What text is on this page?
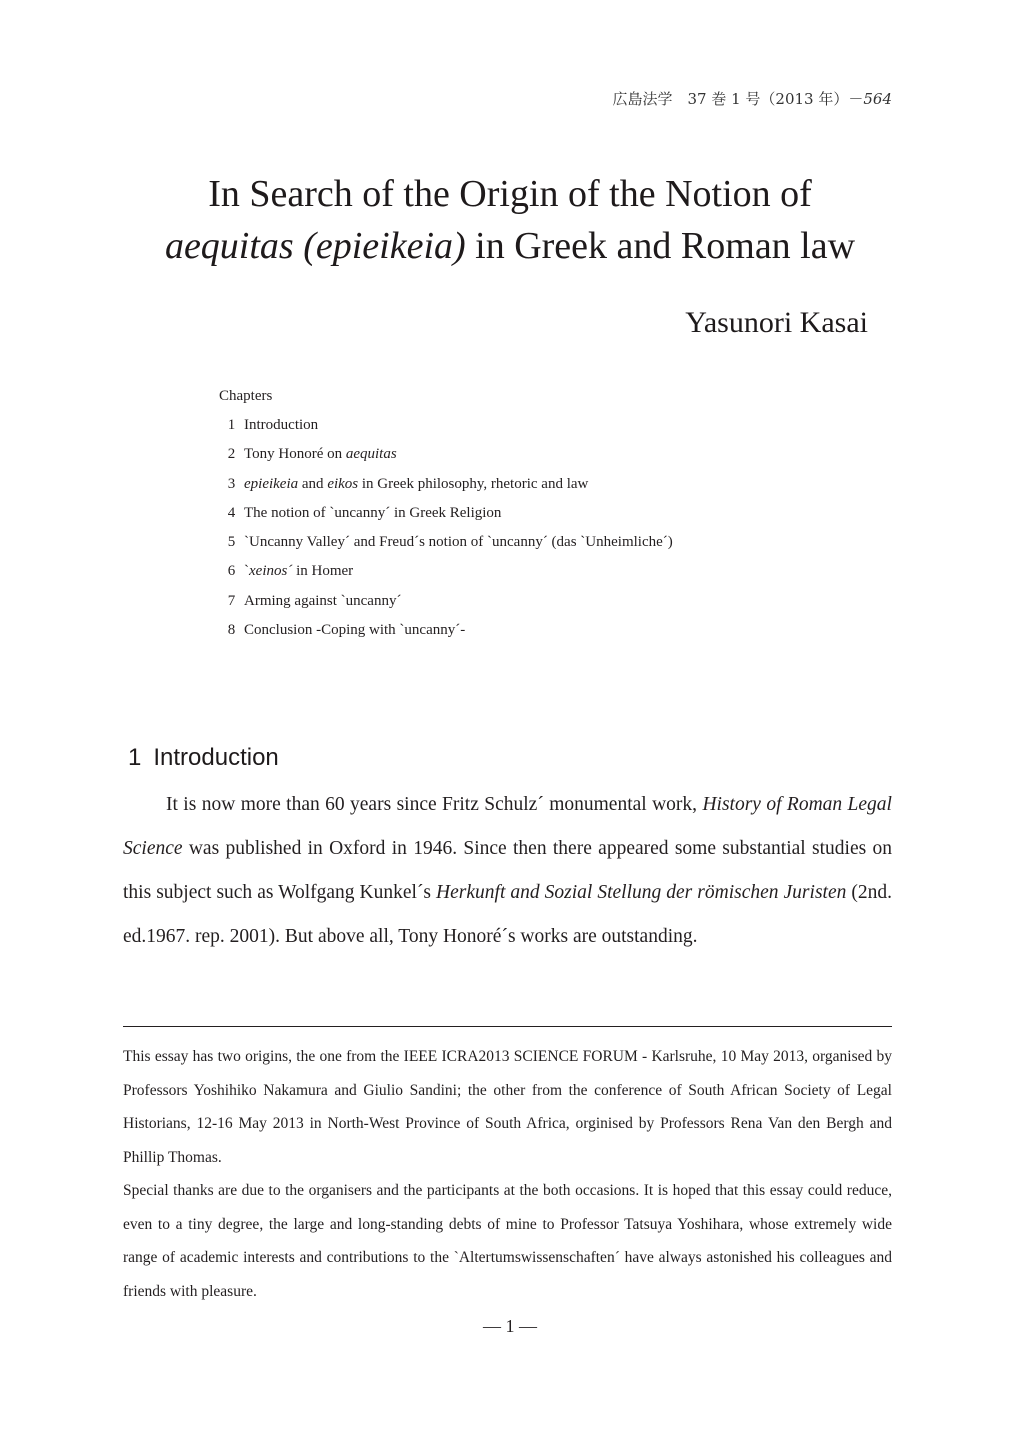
広島法学　37 巻 1 号（2013 年）－564
In Search of the Origin of the Notion of
aequitas (epieikeia) in Greek and Roman law
Yasunori Kasai
Chapters
1 Introduction
2 Tony Honoré on aequitas
3 epieikeia and eikos in Greek philosophy, rhetoric and law
4 The notion of `uncanny´ in Greek Religion
5 `Uncanny Valley´ and Freud´s notion of `uncanny´ (das `Unheimliche´)
6 `xeinos´ in Homer
7 Arming against `uncanny´
8 Conclusion -Coping with `uncanny´-
1 Introduction

It is now more than 60 years since Fritz Schulz´ monumental work, History of Roman Legal Science was published in Oxford in 1946. Since then there appeared some substantial studies on this subject such as Wolfgang Kunkel´s Herkunft and Sozial Stellung der römischen Juristen (2nd. ed.1967. rep. 2001). But above all, Tony Honoré´s works are outstanding.

This essay has two origins, the one from the IEEE ICRA2013 SCIENCE FORUM - Karlsruhe, 10 May 2013, organised by Professors Yoshihiko Nakamura and Giulio Sandini; the other from the conference of South African Society of Legal Historians, 12-16 May 2013 in North-West Province of South Africa, orginised by Professors Rena Van den Bergh and Phillip Thomas.

Special thanks are due to the organisers and the participants at the both occasions. It is hoped that this essay could reduce, even to a tiny degree, the large and long-standing debts of mine to Professor Tatsuya Yoshihara, whose extremely wide range of academic interests and contributions to the `Altertumswissenschaften´ have always astonished his colleagues and friends with pleasure.

― 1 ―
